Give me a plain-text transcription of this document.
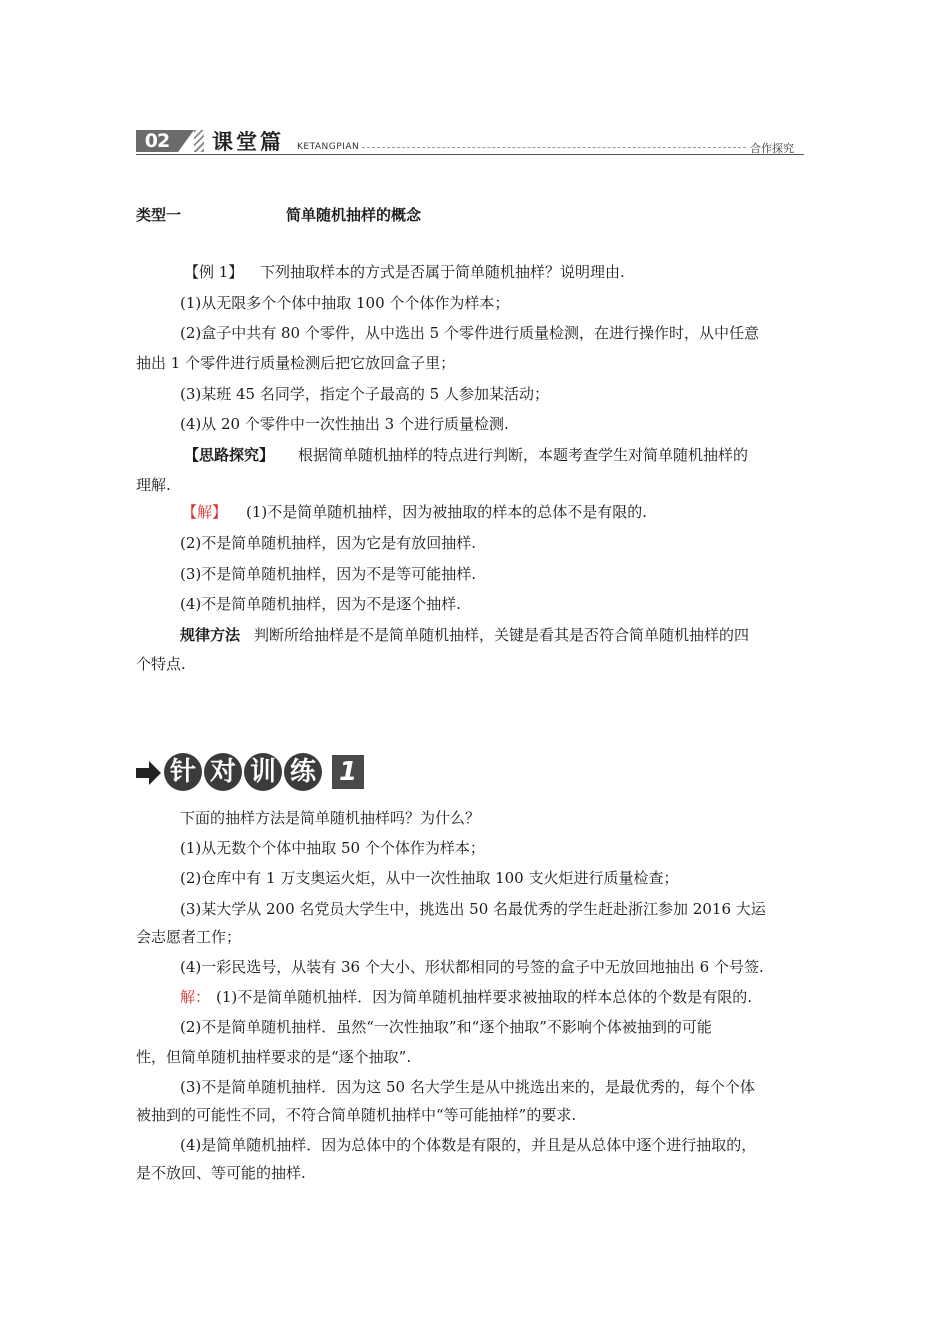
02	课堂篇 KETANGPIAN	合作探究
类型一	简单随机抽样的概念
【例 1】 下列抽取样本的方式是否属于简单随机抽样？说明理由.
(1)从无限多个个体中抽取 100 个个体作为样本；
(2)盒子中共有 80 个零件，从中选出 5 个零件进行质量检测，在进行操作时，从中任意
抽出 1 个零件进行质量检测后把它放回盒子里；
(3)某班 45 名同学，指定个子最高的 5 人参加某活动；
(4)从 20 个零件中一次性抽出 3 个进行质量检测.
【思路探究】 根据简单随机抽样的特点进行判断，本题考查学生对简单随机抽样的
理解.
【解】 (1)不是简单随机抽样，因为被抽取的样本的总体不是有限的.
(2)不是简单随机抽样，因为它是有放回抽样.
(3)不是简单随机抽样，因为不是等可能抽样.
(4)不是简单随机抽样，因为不是逐个抽样.
规律方法 判断所给抽样是不是简单随机抽样，关键是看其是否符合简单随机抽样的四
个特点.
针 对 训 练 1
下面的抽样方法是简单随机抽样吗？为什么？
(1)从无数个个体中抽取 50 个个体作为样本；
(2)仓库中有 1 万支奥运火炬，从中一次性抽取 100 支火炬进行质量检查；
(3)某大学从 200 名党员大学生中，挑选出 50 名最优秀的学生赶赴浙江参加 2016 大运
会志愿者工作；
(4)一彩民选号，从装有 36 个大小、形状都相同的号签的盒子中无放回地抽出 6 个号签.
解： (1)不是简单随机抽样．因为简单随机抽样要求被抽取的样本总体的个数是有限的.
(2)不是简单随机抽样．虽然“一次性抽取”和“逐个抽取”不影响个体被抽到的可能
性，但简单随机抽样要求的是“逐个抽取”.
(3)不是简单随机抽样．因为这 50 名大学生是从中挑选出来的，是最优秀的，每个个体
被抽到的可能性不同，不符合简单随机抽样中“等可能抽样”的要求.
(4)是简单随机抽样．因为总体中的个体数是有限的，并且是从总体中逐个进行抽取的，
是不放回、等可能的抽样.
